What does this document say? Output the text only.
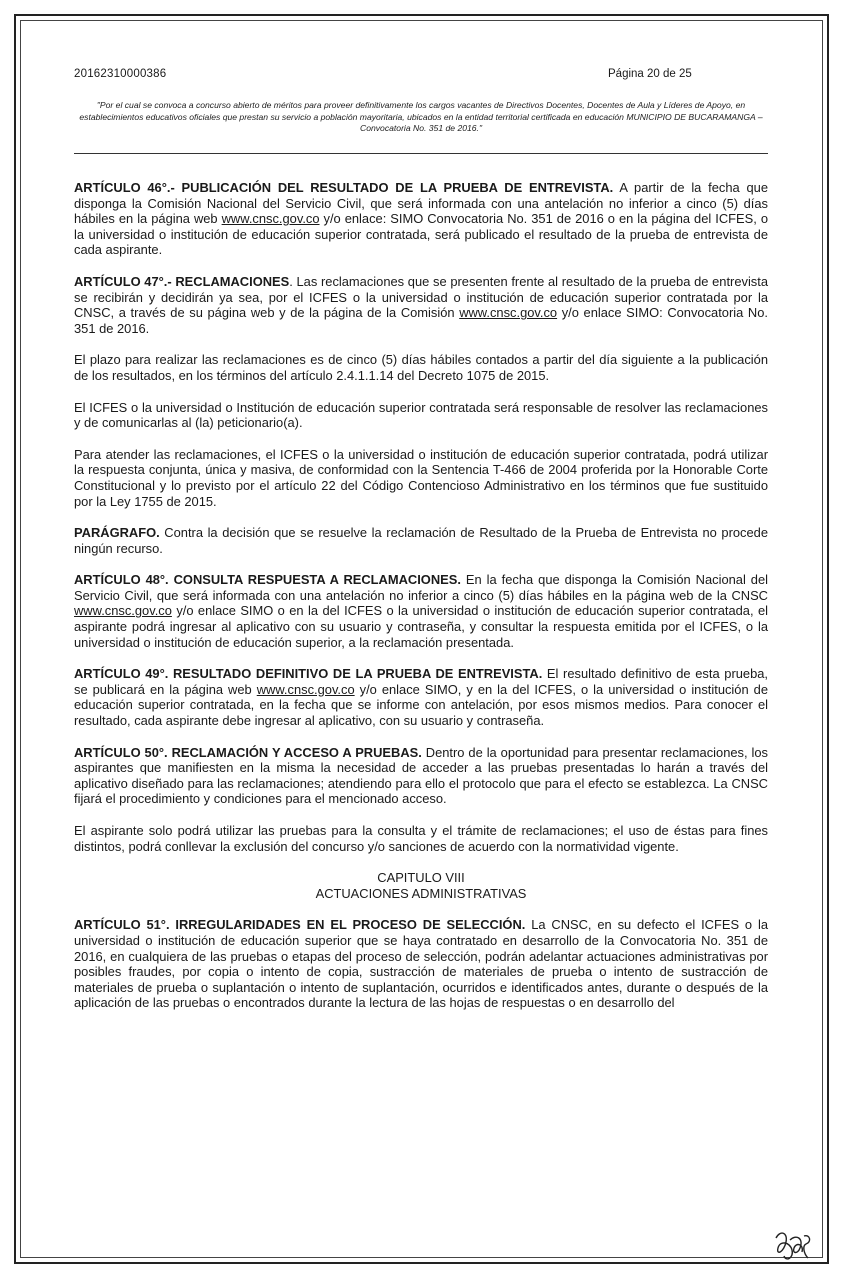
20162310000386	Página 20 de 25
"Por el cual se convoca a concurso abierto de méritos para proveer definitivamente los cargos vacantes de Directivos Docentes, Docentes de Aula y Líderes de Apoyo, en establecimientos educativos oficiales que prestan su servicio a población mayoritaria, ubicados en la entidad territorial certificada en educación MUNICIPIO DE BUCARAMANGA – Convocatoria No. 351 de 2016."

ARTÍCULO 46°.- PUBLICACIÓN DEL RESULTADO DE LA PRUEBA DE ENTREVISTA. A partir de la fecha que disponga la Comisión Nacional del Servicio Civil, que será informada con una antelación no inferior a cinco (5) días hábiles en la página web www.cnsc.gov.co y/o enlace: SIMO Convocatoria No. 351 de 2016 o en la página del ICFES, o la universidad o institución de educación superior contratada, será publicado el resultado de la prueba de entrevista de cada aspirante.

ARTÍCULO 47°.- RECLAMACIONES. Las reclamaciones que se presenten frente al resultado de la prueba de entrevista se recibirán y decidirán ya sea, por el ICFES o la universidad o institución de educación superior contratada por la CNSC, a través de su página web y de la página de la Comisión www.cnsc.gov.co y/o enlace SIMO: Convocatoria No. 351 de 2016.

El plazo para realizar las reclamaciones es de cinco (5) días hábiles contados a partir del día siguiente a la publicación de los resultados, en los términos del artículo 2.4.1.1.14 del Decreto 1075 de 2015.

El ICFES o la universidad o Institución de educación superior contratada será responsable de resolver las reclamaciones y de comunicarlas al (la) peticionario(a).

Para atender las reclamaciones, el ICFES o la universidad o institución de educación superior contratada, podrá utilizar la respuesta conjunta, única y masiva, de conformidad con la Sentencia T-466 de 2004 proferida por la Honorable Corte Constitucional y lo previsto por el artículo 22 del Código Contencioso Administrativo en los términos que fue sustituido por la Ley 1755 de 2015.

PARÁGRAFO. Contra la decisión que se resuelve la reclamación de Resultado de la Prueba de Entrevista no procede ningún recurso.

ARTÍCULO 48°. CONSULTA RESPUESTA A RECLAMACIONES. En la fecha que disponga la Comisión Nacional del Servicio Civil, que será informada con una antelación no inferior a cinco (5) días hábiles en la página web de la CNSC www.cnsc.gov.co y/o enlace SIMO o en la del ICFES o la universidad o institución de educación superior contratada, el aspirante podrá ingresar al aplicativo con su usuario y contraseña, y consultar la respuesta emitida por el ICFES, o la universidad o institución de educación superior, a la reclamación presentada.

ARTÍCULO 49°. RESULTADO DEFINITIVO DE LA PRUEBA DE ENTREVISTA. El resultado definitivo de esta prueba, se publicará en la página web www.cnsc.gov.co y/o enlace SIMO, y en la del ICFES, o la universidad o institución de educación superior contratada, en la fecha que se informe con antelación, por esos mismos medios. Para conocer el resultado, cada aspirante debe ingresar al aplicativo, con su usuario y contraseña.

ARTÍCULO 50°. RECLAMACIÓN Y ACCESO A PRUEBAS. Dentro de la oportunidad para presentar reclamaciones, los aspirantes que manifiesten en la misma la necesidad de acceder a las pruebas presentadas lo harán a través del aplicativo diseñado para las reclamaciones; atendiendo para ello el protocolo que para el efecto se establezca. La CNSC fijará el procedimiento y condiciones para el mencionado acceso.

El aspirante solo podrá utilizar las pruebas para la consulta y el trámite de reclamaciones; el uso de éstas para fines distintos, podrá conllevar la exclusión del concurso y/o sanciones de acuerdo con la normatividad vigente.

CAPITULO VIII
ACTUACIONES ADMINISTRATIVAS

ARTÍCULO 51°. IRREGULARIDADES EN EL PROCESO DE SELECCIÓN. La CNSC, en su defecto el ICFES o la universidad o institución de educación superior que se haya contratado en desarrollo de la Convocatoria No. 351 de 2016, en cualquiera de las pruebas o etapas del proceso de selección, podrán adelantar actuaciones administrativas por posibles fraudes, por copia o intento de copia, sustracción de materiales de prueba o intento de sustracción de materiales de prueba o suplantación o intento de suplantación, ocurridos e identificados antes, durante o después de la aplicación de las pruebas o encontrados durante la lectura de las hojas de respuestas o en desarrollo del
